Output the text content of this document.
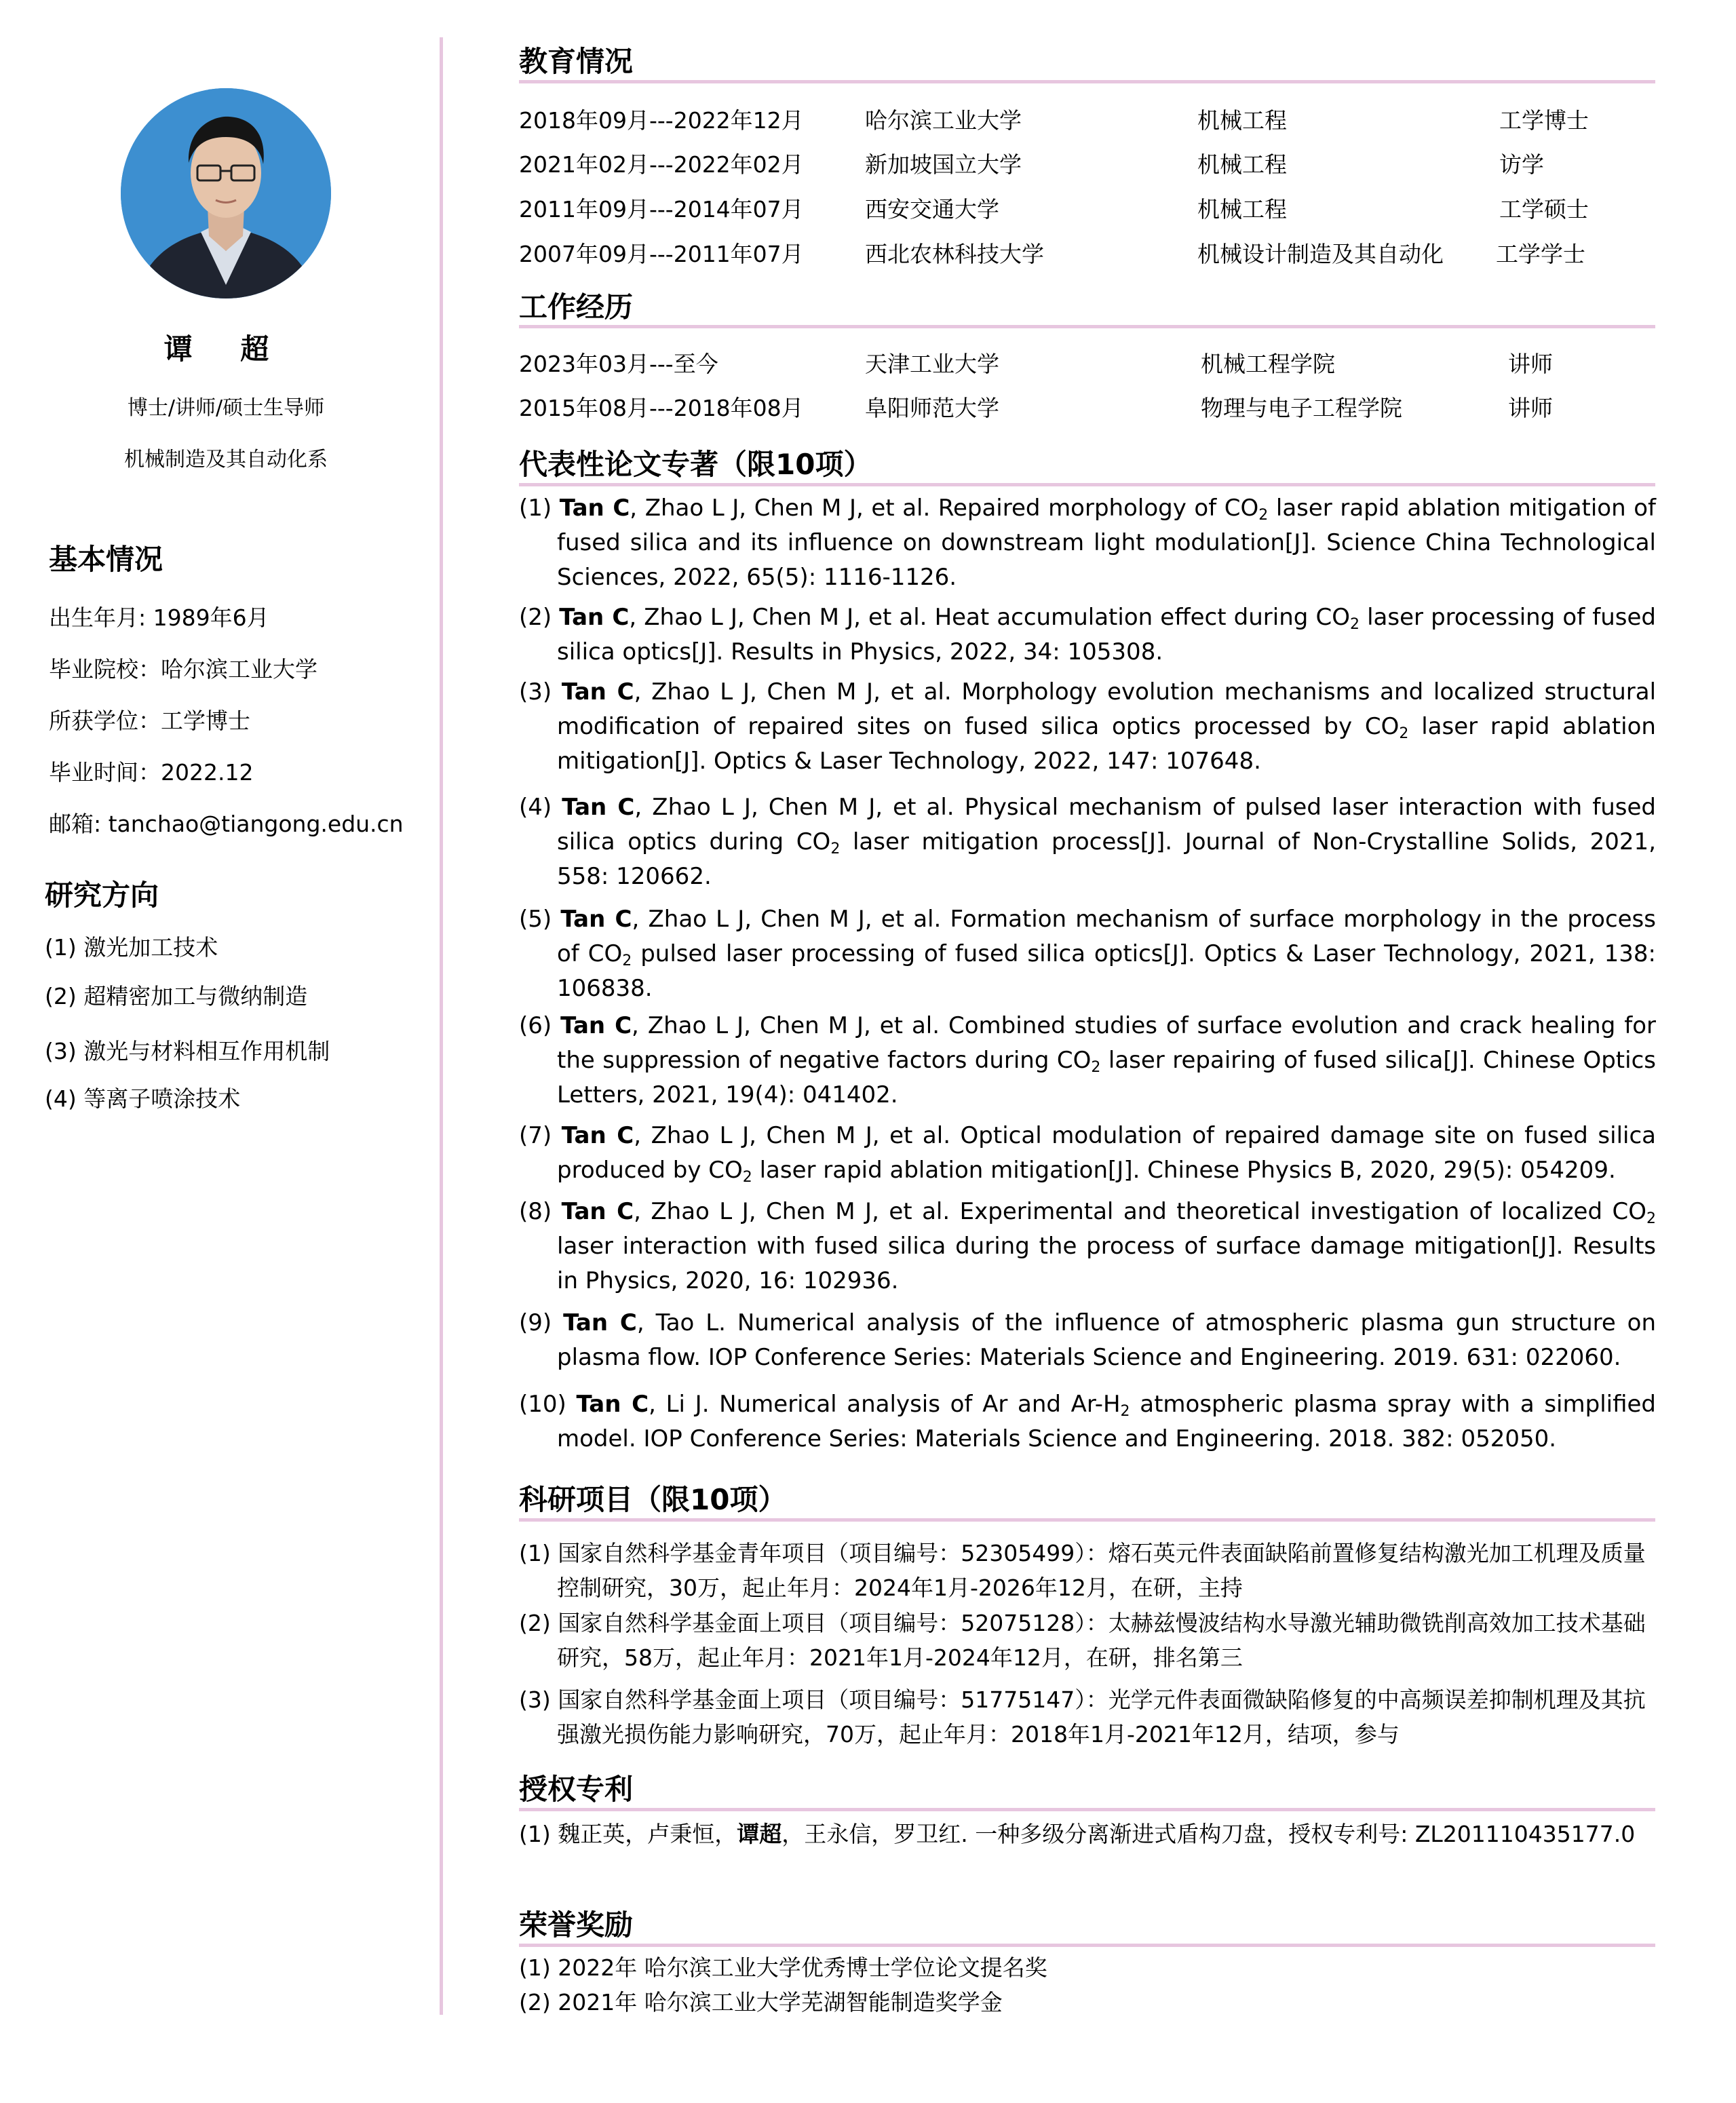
谭 超
博士/讲师/硕士生导师
机械制造及其自动化系
基本情况
出生年月: 1989年6月
毕业院校：哈尔滨工业大学
所获学位：工学博士
毕业时间：2022.12
邮箱: tanchao@tiangong.edu.cn
研究方向
(1) 激光加工技术
(2) 超精密加工与微纳制造
(3) 激光与材料相互作用机制
(4) 等离子喷涂技术
教育情况
2018年09月---2022年12月	哈尔滨工业大学	机械工程	工学博士
2021年02月---2022年02月	新加坡国立大学	机械工程	访学
2011年09月---2014年07月	西安交通大学	机械工程	工学硕士
2007年09月---2011年07月	西北农林科技大学	机械设计制造及其自动化 工学学士
工作经历
2023年03月---至今	天津工业大学	机械工程学院	讲师
2015年08月---2018年08月	阜阳师范大学	物理与电子工程学院	讲师
代表性论文专著（限10项）
(1) Tan C, Zhao L J, Chen M J, et al. Repaired morphology of $CO_2$ laser rapid ablation mitigation of fused silica and its influence on downstream light modulation[J]. Science China Technological Sciences, 2022, 65(5): 1116-1126.
(2) Tan C, Zhao L J, Chen M J, et al. Heat accumulation effect during $CO_2$ laser processing of fused silica optics[J]. Results in Physics, 2022, 34: 105308.
(3) Tan C, Zhao L J, Chen M J, et al. Morphology evolution mechanisms and localized structural modification of repaired sites on fused silica optics processed by $CO_2$ laser rapid ablation mitigation[J]. Optics & Laser Technology, 2022, 147: 107648.
(4) Tan C, Zhao L J, Chen M J, et al. Physical mechanism of pulsed laser interaction with fused silica optics during $CO_2$ laser mitigation process[J]. Journal of Non-Crystalline Solids, 2021, 558: 120662.
(5) Tan C, Zhao L J, Chen M J, et al. Formation mechanism of surface morphology in the process of $CO_2$ pulsed laser processing of fused silica optics[J]. Optics & Laser Technology, 2021, 138: 106838.
(6) Tan C, Zhao L J, Chen M J, et al. Combined studies of surface evolution and crack healing for the suppression of negative factors during $CO_2$ laser repairing of fused silica[J]. Chinese Optics Letters, 2021, 19(4): 041402.
(7) Tan C, Zhao L J, Chen M J, et al. Optical modulation of repaired damage site on fused silica produced by $CO_2$ laser rapid ablation mitigation[J]. Chinese Physics B, 2020, 29(5): 054209.
(8) Tan C, Zhao L J, Chen M J, et al. Experimental and theoretical investigation of localized $CO_2$ laser interaction with fused silica during the process of surface damage mitigation[J]. Results in Physics, 2020, 16: 102936.
(9) Tan C, Tao L. Numerical analysis of the influence of atmospheric plasma gun structure on plasma flow. IOP Conference Series: Materials Science and Engineering. 2019. 631: 022060.
(10) Tan C, Li J. Numerical analysis of Ar and $Ar-H_2$ atmospheric plasma spray with a simplified model. IOP Conference Series: Materials Science and Engineering. 2018. 382: 052050.
科研项目（限10项）
(1) 国家自然科学基金青年项目（项目编号：52305499）：熔石英元件表面缺陷前置修复结构激光加工机理及质量控制研究，30万，起止年月：2024年1月-2026年12月，在研，主持
(2) 国家自然科学基金面上项目（项目编号：52075128）：太赫兹慢波结构水导激光辅助微铣削高效加工技术基础研究，58万，起止年月：2021年1月-2024年12月，在研，排名第三
(3) 国家自然科学基金面上项目（项目编号：51775147）：光学元件表面微缺陷修复的中高频误差抑制机理及其抗强激光损伤能力影响研究，70万，起止年月：2018年1月-2021年12月，结项，参与
授权专利
(1) 魏正英，卢秉恒，谭超，王永信，罗卫红. 一种多级分离渐进式盾构刀盘，授权专利号: ZL201110435177.0
荣誉奖励
(1) 2022年 哈尔滨工业大学优秀博士学位论文提名奖
(2) 2021年 哈尔滨工业大学芜湖智能制造奖学金
